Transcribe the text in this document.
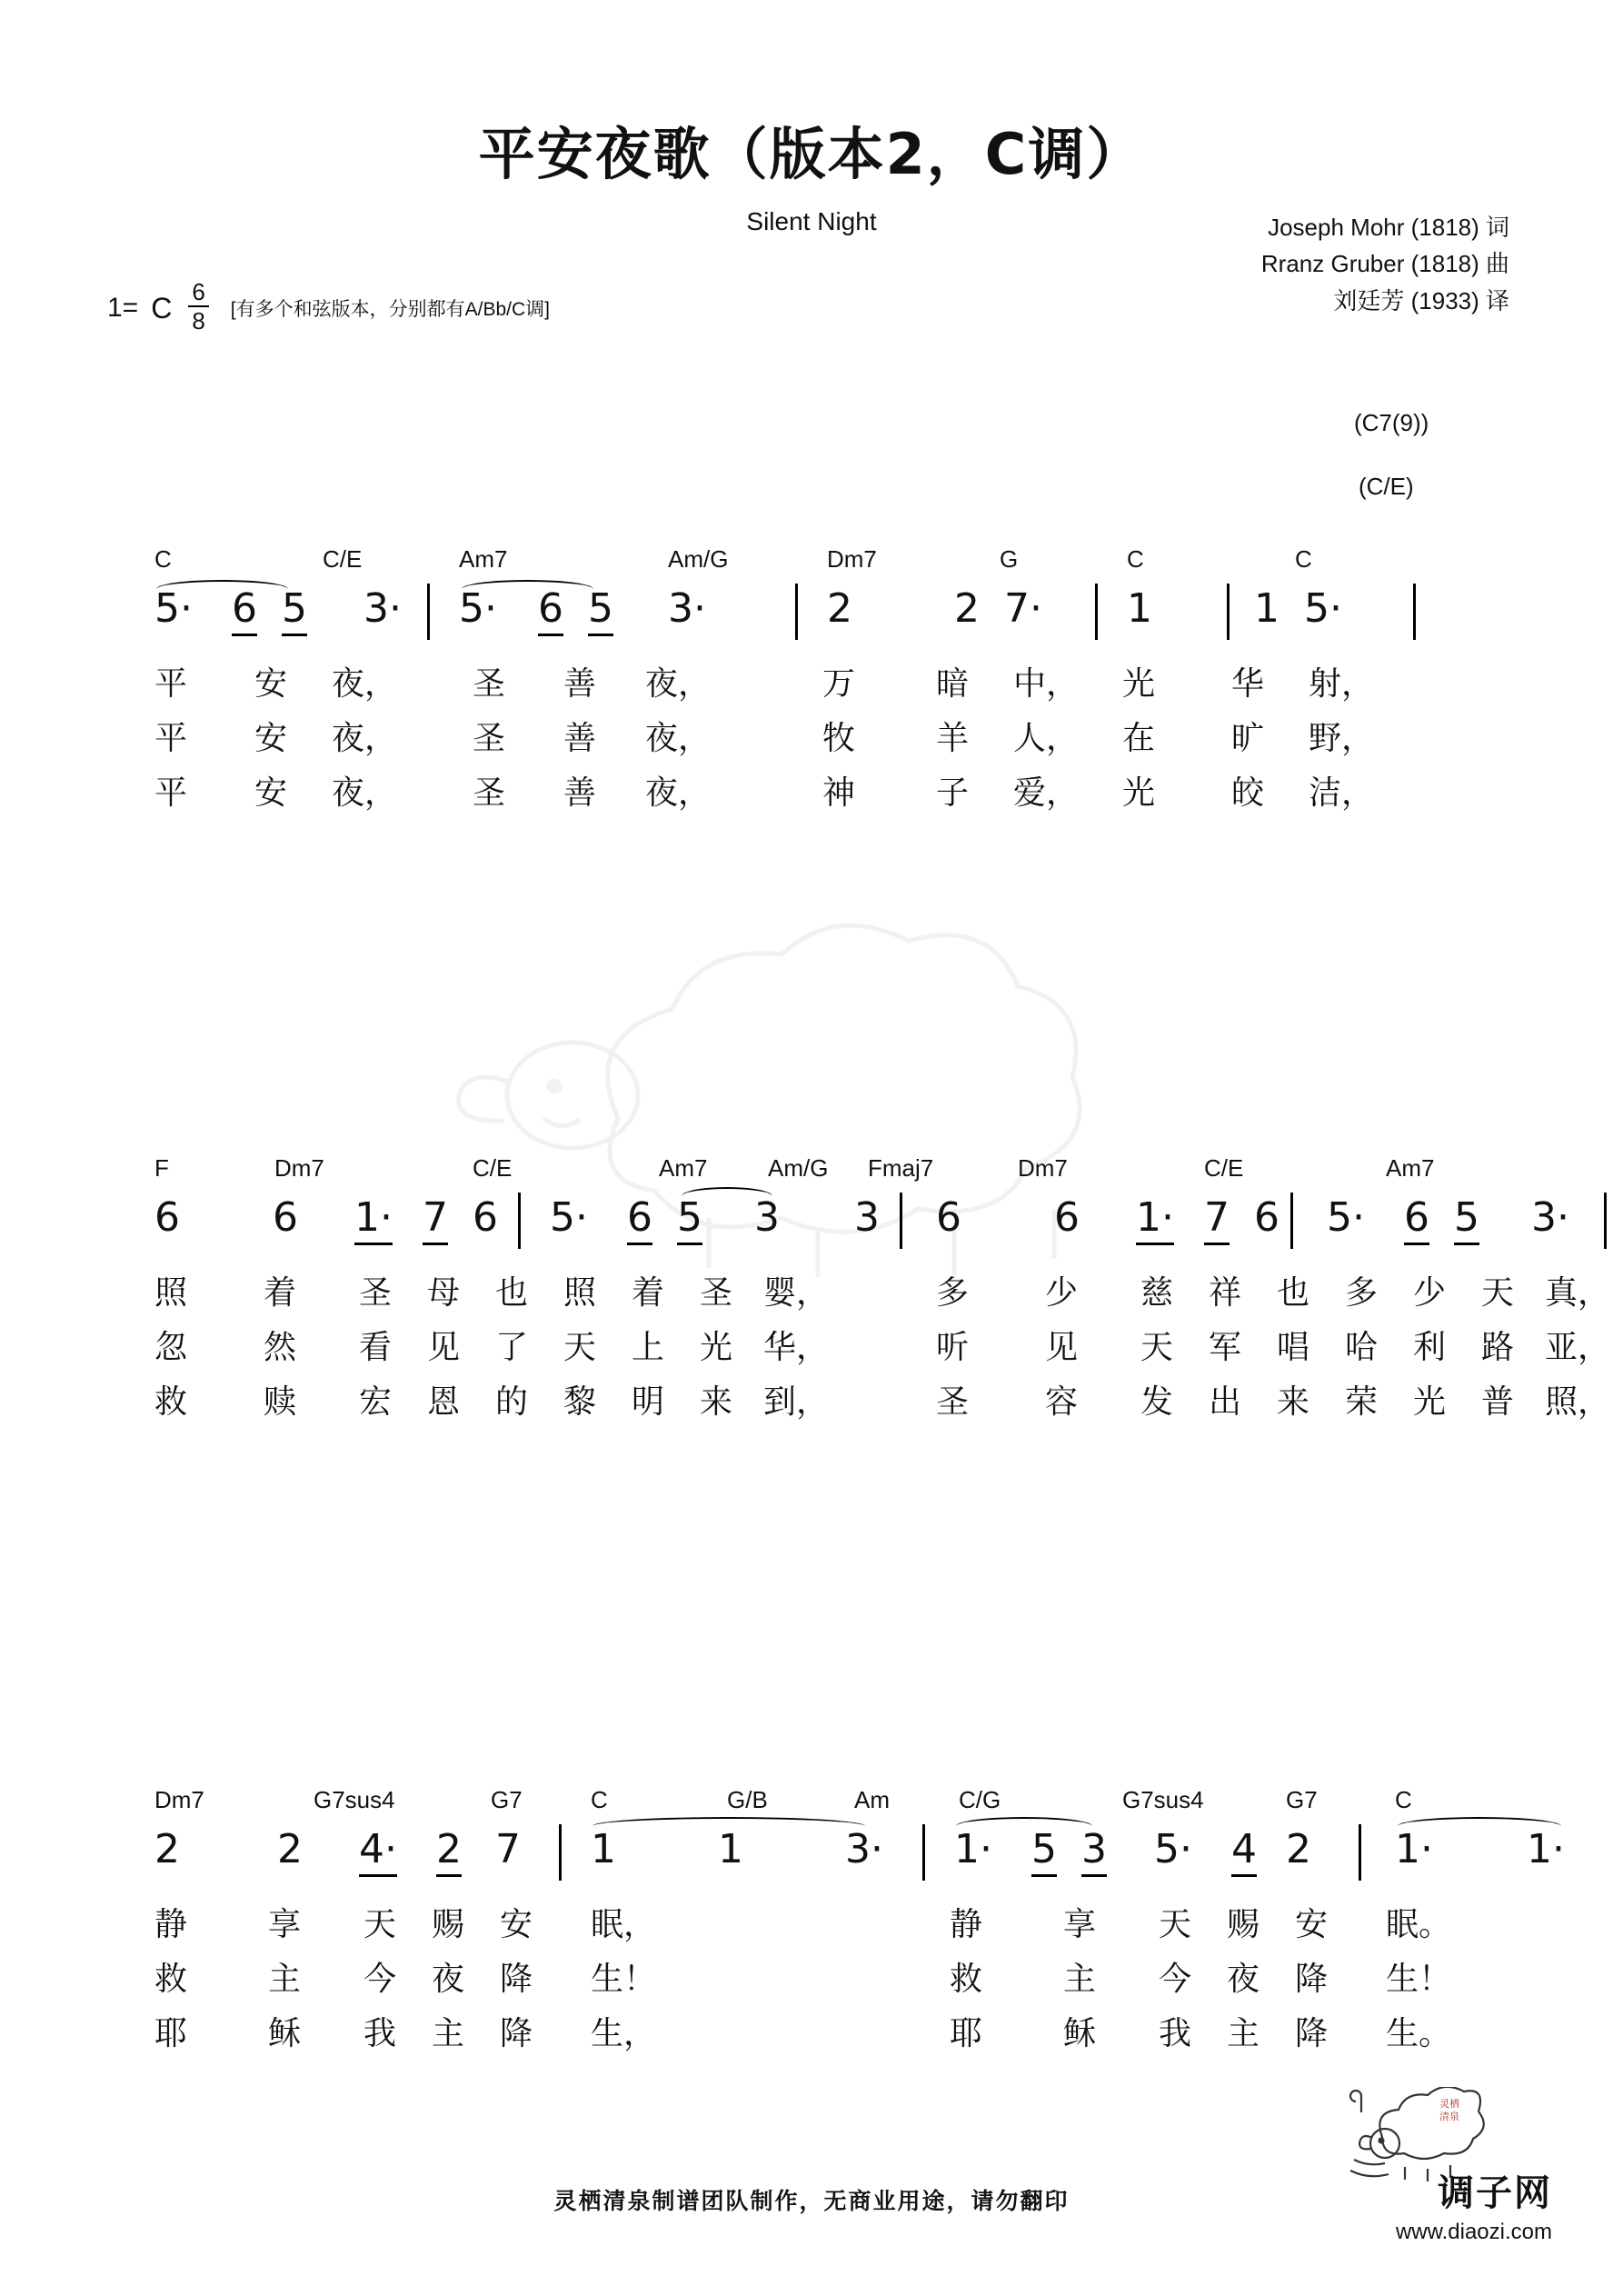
平安夜歌（版本2，C调）
Silent Night	Joseph Mohr (1818) 词
Rranz Gruber (1818) 曲
刘廷芳 (1933) 译
1= C $\frac{6}{8}$ [有多个和弦版本，分别都有A/Bb/C调]
(C7(9))
(C/E)
C	C/E	Am7	Am/G	Dm7	G	C	C
5· 6 5 3· 5· 6 5 3·	2	2 7· 1	1 5·
平 安 夜， 圣 善 夜，	万 暗 中， 光 华 射，
平 安 夜， 圣 善 夜，	牧 羊 人， 在 旷 野，
平 安 夜， 圣 善 夜，	神 子 爱， 光 皎 洁，
F	Dm7	C/E	Am7	Am/G Fmaj7	Dm7	C/E	Am7
6 6 1· 7 6 5· 6 5 3 3 6 6 1· 7 6 5· 6 5 3·
照 着 圣 母 也 照 着 圣 婴，	多 少 慈 祥 也 多 少 天 真，
忽 然 看 见 了 天 上 光 华，	听 见 天 军 唱 哈 利 路 亚，
救 赎 宏 恩 的 黎 明 来 到，	圣 容 发 出 来 荣 光 普 照，
Dm7	G7sus4	G7	C	G/B	Am	C/G	G7sus4	G7	C
2 2 4· 2 7 1	1	3· 1· 5 3 5· 4 2 1· 1·
静 享 天 赐 安 眠，	静 享 天 赐 安 眠。
救 主 今 夜 降 生！	救 主 今 夜 降 生！
耶 稣 我 主 降 生，	耶 稣 我 主 降 生。
灵栖清泉制谱团队制作，无商业用途，请勿翻印
灵栖
清泉
调子网
www.diaozi.com
